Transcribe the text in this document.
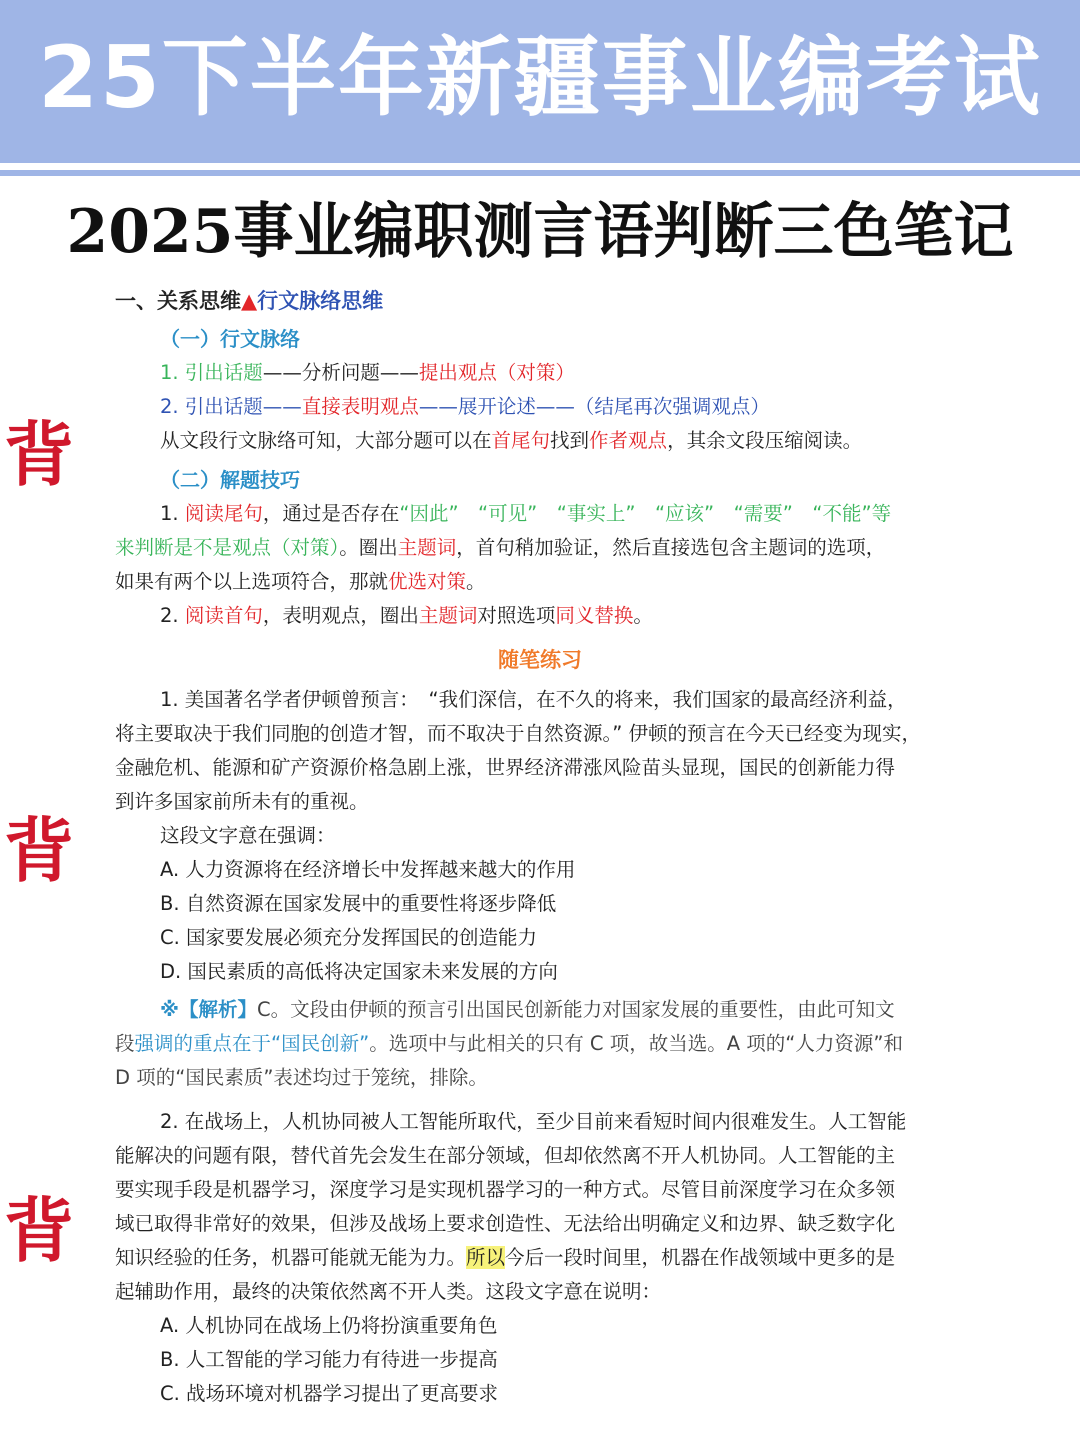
25下半年新疆事业编考试
2025事业编职测言语判断三色笔记
背
背
背
一、关系思维▲行文脉络思维
（一）行文脉络
1. 引出话题——分析问题——提出观点（对策）
2. 引出话题——直接表明观点——展开论述——（结尾再次强调观点）
从文段行文脉络可知，大部分题可以在首尾句找到作者观点，其余文段压缩阅读。
（二）解题技巧
1. 阅读尾句，通过是否存在“因此”　“可见”　“事实上”　“应该”　“需要”　“不能”等
来判断是不是观点（对策）。圈出主题词，首句稍加验证，然后直接选包含主题词的选项，
如果有两个以上选项符合，那就优选对策。
2. 阅读首句，表明观点，圈出主题词对照选项同义替换。
随笔练习
1. 美国著名学者伊顿曾预言：　“我们深信，在不久的将来，我们国家的最高经济利益，
将主要取决于我们同胞的创造才智，而不取决于自然资源。” 伊顿的预言在今天已经变为现实，
金融危机、能源和矿产资源价格急剧上涨，世界经济滞涨风险苗头显现，国民的创新能力得
到许多国家前所未有的重视。
这段文字意在强调：
A. 人力资源将在经济增长中发挥越来越大的作用
B. 自然资源在国家发展中的重要性将逐步降低
C. 国家要发展必须充分发挥国民的创造能力
D. 国民素质的高低将决定国家未来发展的方向
※【解析】C。文段由伊顿的预言引出国民创新能力对国家发展的重要性，由此可知文
段强调的重点在于“国民创新”。选项中与此相关的只有 C 项，故当选。A 项的“人力资源”和
D 项的“国民素质”表述均过于笼统，排除。
2. 在战场上，人机协同被人工智能所取代，至少目前来看短时间内很难发生。人工智能
能解决的问题有限，替代首先会发生在部分领域，但却依然离不开人机协同。人工智能的主
要实现手段是机器学习，深度学习是实现机器学习的一种方式。尽管目前深度学习在众多领
域已取得非常好的效果，但涉及战场上要求创造性、无法给出明确定义和边界、缺乏数字化
知识经验的任务，机器可能就无能为力。所以今后一段时间里，机器在作战领域中更多的是
起辅助作用，最终的决策依然离不开人类。这段文字意在说明：
A. 人机协同在战场上仍将扮演重要角色
B. 人工智能的学习能力有待进一步提高
C. 战场环境对机器学习提出了更高要求
